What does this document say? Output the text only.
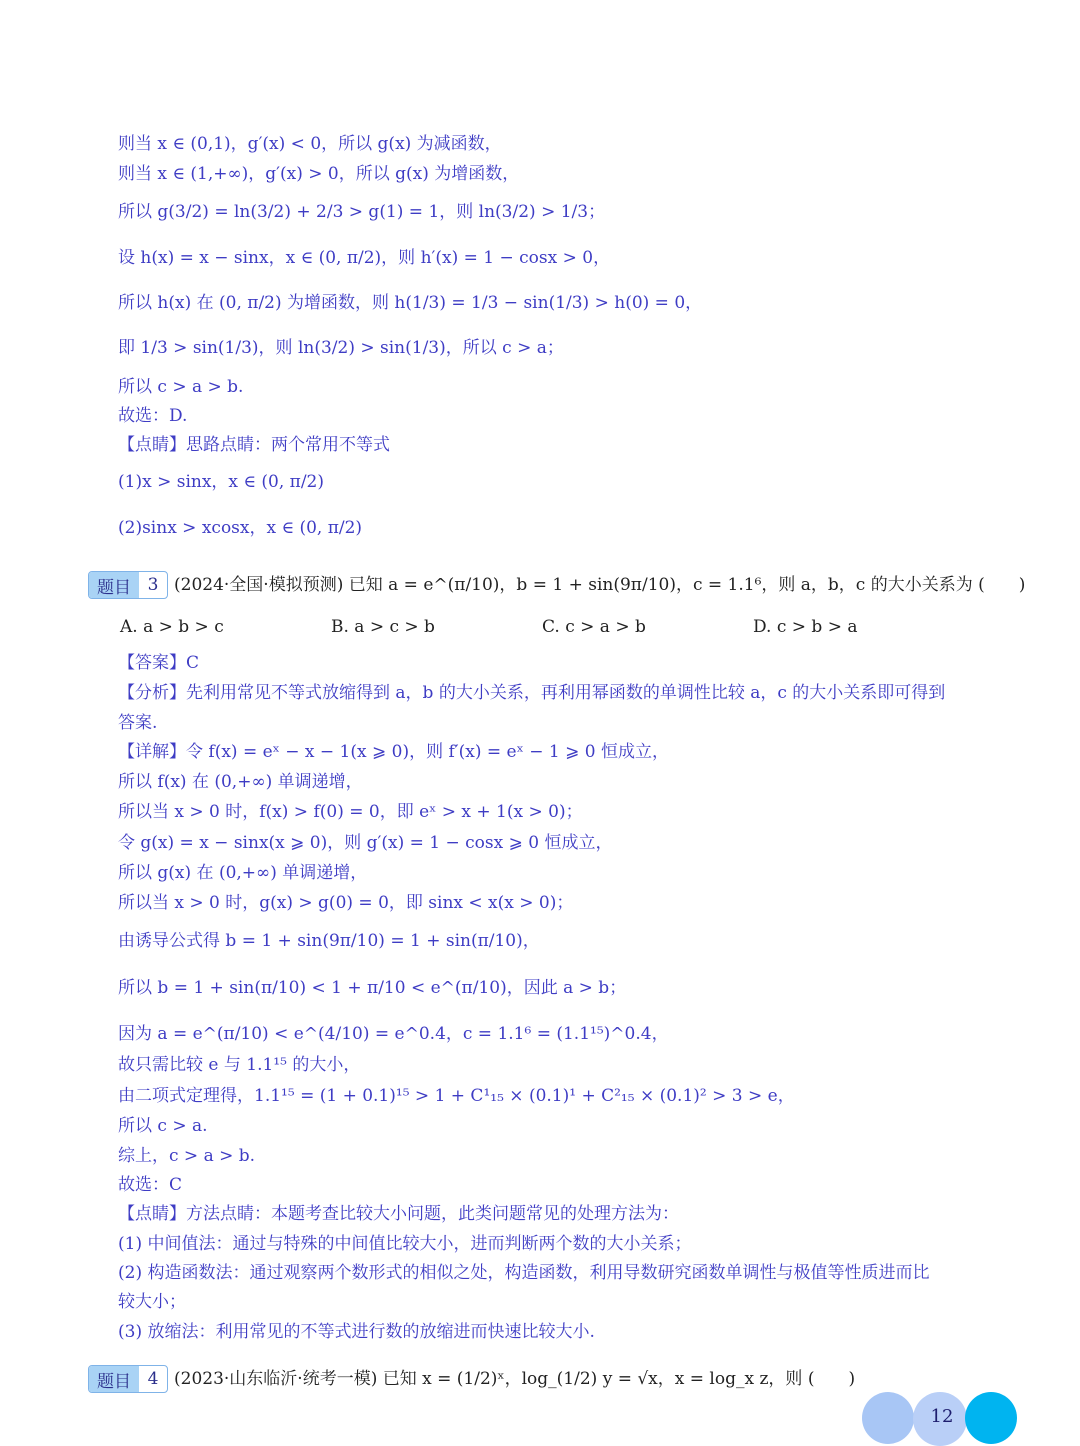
则当 x ∈ (0,1)，g′(x) < 0，所以 g(x) 为减函数，
则当 x ∈ (1,+∞)，g′(x) > 0，所以 g(x) 为增函数，
所以 g(3/2) = ln(3/2) + 2/3 > g(1) = 1，则 ln(3/2) > 1/3；
设 h(x) = x − sinx，x ∈ (0, π/2)，则 h′(x) = 1 − cosx > 0，
所以 h(x) 在 (0, π/2) 为增函数，则 h(1/3) = 1/3 − sin(1/3) > h(0) = 0，
即 1/3 > sin(1/3)，则 ln(3/2) > sin(1/3)，所以 c > a；
所以 c > a > b.
故选：D.
【点睛】思路点睛：两个常用不等式
(1)x > sinx，x ∈ (0, π/2)
(2)sinx > xcosx，x ∈ (0, π/2)
题目 3 (2024·全国·模拟预测) 已知 a = e^(π/10)，b = 1 + sin(9π/10)，c = 1.1⁶，则 a，b，c 的大小关系为 (　　)
A. a > b > c	B. a > c > b	C. c > a > b	D. c > b > a
【答案】C
【分析】先利用常见不等式放缩得到 a，b 的大小关系，再利用幂函数的单调性比较 a，c 的大小关系即可得到
答案.
【详解】令 f(x) = eˣ − x − 1(x ⩾ 0)，则 f′(x) = eˣ − 1 ⩾ 0 恒成立，
所以 f(x) 在 (0,+∞) 单调递增，
所以当 x > 0 时，f(x) > f(0) = 0，即 eˣ > x + 1(x > 0)；
令 g(x) = x − sinx(x ⩾ 0)，则 g′(x) = 1 − cosx ⩾ 0 恒成立，
所以 g(x) 在 (0,+∞) 单调递增，
所以当 x > 0 时，g(x) > g(0) = 0，即 sinx < x(x > 0)；
由诱导公式得 b = 1 + sin(9π/10) = 1 + sin(π/10)，
所以 b = 1 + sin(π/10) < 1 + π/10 < e^(π/10)，因此 a > b；
因为 a = e^(π/10) < e^(4/10) = e^0.4，c = 1.1⁶ = (1.1¹⁵)^0.4，
故只需比较 e 与 1.1¹⁵ 的大小，
由二项式定理得，1.1¹⁵ = (1 + 0.1)¹⁵ > 1 + C¹₁₅ × (0.1)¹ + C²₁₅ × (0.1)² > 3 > e，
所以 c > a.
综上，c > a > b.
故选：C
【点睛】方法点睛：本题考查比较大小问题，此类问题常见的处理方法为：
(1) 中间值法：通过与特殊的中间值比较大小，进而判断两个数的大小关系；
(2) 构造函数法：通过观察两个数形式的相似之处，构造函数，利用导数研究函数单调性与极值等性质进而比
较大小；
(3) 放缩法：利用常见的不等式进行数的放缩进而快速比较大小.
题目 4 (2023·山东临沂·统考一模) 已知 x = (1/2)ˣ，log_(1/2) y = √x，x = log_x z，则 (　　)
12
